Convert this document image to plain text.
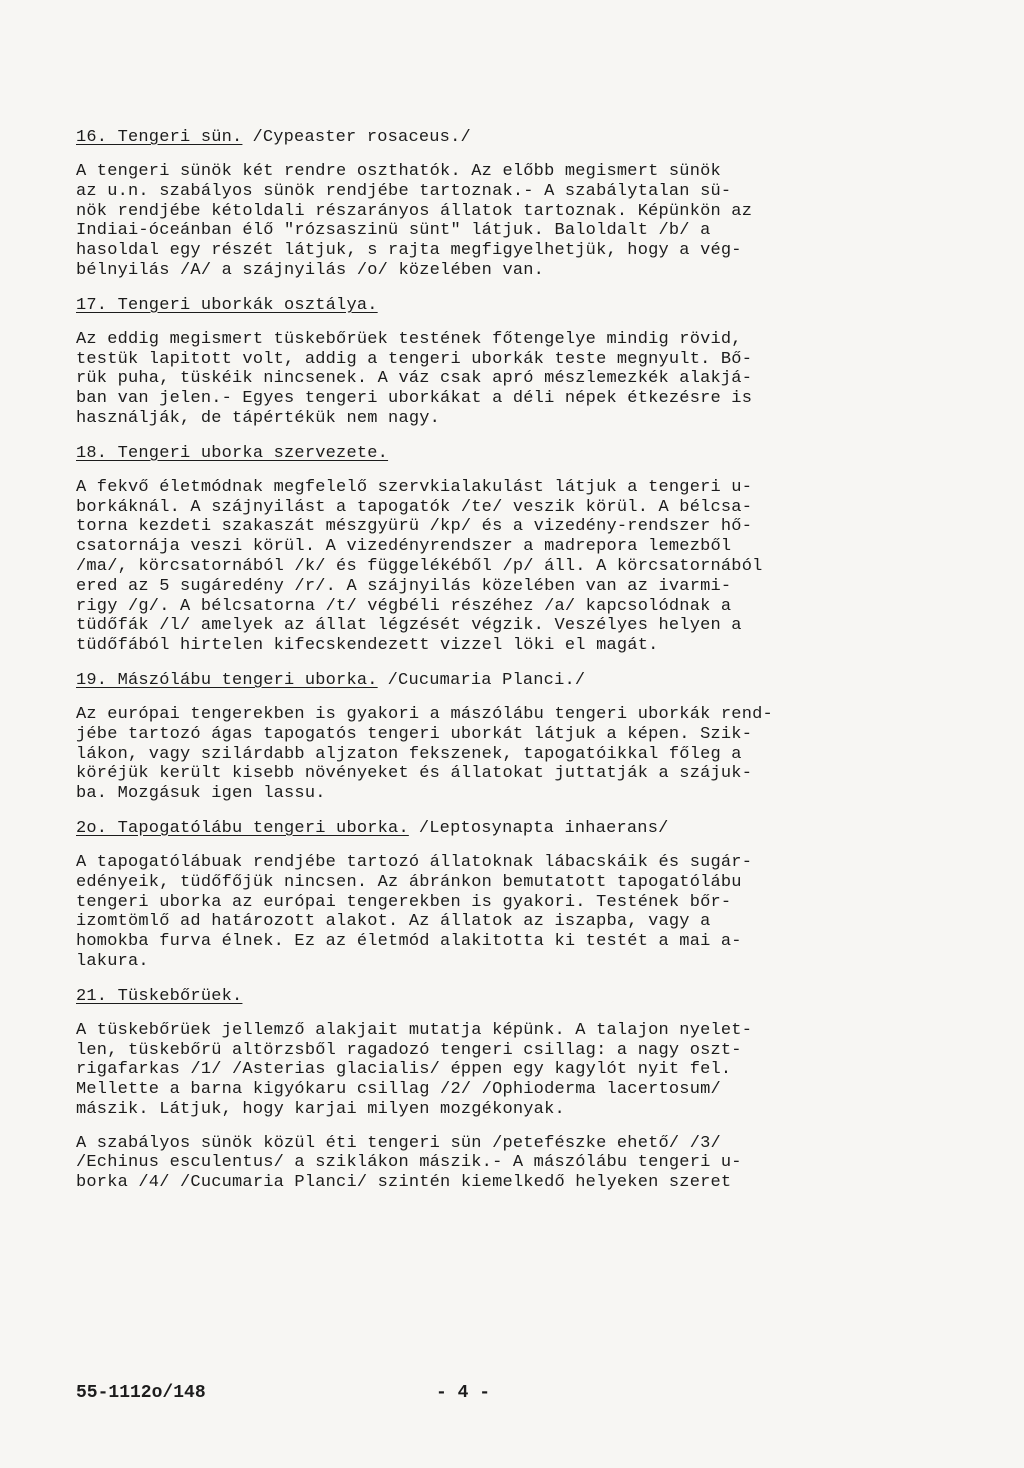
16. Tengeri sün. /Cypeaster rosaceus./
A tengeri sünök két rendre oszthatók. Az előbb megismert sünök
az u.n. szabályos sünök rendjébe tartoznak.- A szabálytalan sü-
nök rendjébe kétoldali részarányos állatok tartoznak. Képünkön az
Indiai-óceánban élő "rózsaszinü sünt" látjuk. Baloldalt /b/ a
hasoldal egy részét látjuk, s rajta megfigyelhetjük, hogy a vég-
bélnyilás /A/ a szájnyilás /o/ közelében van.
17. Tengeri uborkák osztálya.
Az eddig megismert tüskebőrüek testének főtengelye mindig rövid,
testük lapitott volt, addig a tengeri uborkák teste megnyult. Bő-
rük puha, tüskéik nincsenek. A váz csak apró mészlemezkék alakjá-
ban van jelen.- Egyes tengeri uborkákat a déli népek étkezésre is
használják, de tápértékük nem nagy.
18. Tengeri uborka szervezete.
A fekvő életmódnak megfelelő szervkialakulást látjuk a tengeri u-
borkáknál. A szájnyilást a tapogatók /te/ veszik körül. A bélcsa-
torna kezdeti szakaszát mészgyürü /kp/ és a vizedény-rendszer hő-
csatornája veszi körül. A vizedényrendszer a madrepora lemezből
/ma/, körcsatornából /k/ és függelékéből /p/ áll. A körcsatornából
ered az 5 sugáredény /r/. A szájnyilás közelében van az ivarmi-
rigy /g/. A bélcsatorna /t/ végbéli részéhez /a/ kapcsolódnak a
tüdőfák /l/ amelyek az állat légzését végzik. Veszélyes helyen a
tüdőfából hirtelen kifecskendezett vizzel löki el magát.
19. Mászólábu tengeri uborka. /Cucumaria Planci./
Az európai tengerekben is gyakori a mászólábu tengeri uborkák rend-
jébe tartozó ágas tapogatós tengeri uborkát látjuk a képen. Szik-
lákon, vagy szilárdabb aljzaton fekszenek, tapogatóikkal főleg a
köréjük került kisebb növényeket és állatokat juttatják a szájuk-
ba. Mozgásuk igen lassu.
2o. Tapogatólábu tengeri uborka. /Leptosynapta inhaerans/
A tapogatólábuak rendjébe tartozó állatoknak lábacskáik és sugár-
edényeik, tüdőfőjük nincsen. Az ábránkon bemutatott tapogatólábu
tengeri uborka az európai tengerekben is gyakori. Testének bőr-
izomtömlő ad határozott alakot. Az állatok az iszapba, vagy a
homokba furva élnek. Ez az életmód alakitotta ki testét a mai a-
lakura.
21. Tüskebőrüek.
A tüskebőrüek jellemző alakjait mutatja képünk. A talajon nyelet-
len, tüskebőrü altörzsből ragadozó tengeri csillag: a nagy oszt-
rigafarkas /1/ /Asterias glacialis/ éppen egy kagylót nyit fel.
Mellette a barna kigyókaru csillag /2/ /Ophioderma lacertosum/
mászik. Látjuk, hogy karjai milyen mozgékonyak.
A szabályos sünök közül éti tengeri sün /petefészke ehető/ /3/
/Echinus esculentus/ a sziklákon mászik.- A mászólábu tengeri u-
borka /4/ /Cucumaria Planci/ szintén kiemelkedő helyeken szeret
55-1112o/148	- 4 -
